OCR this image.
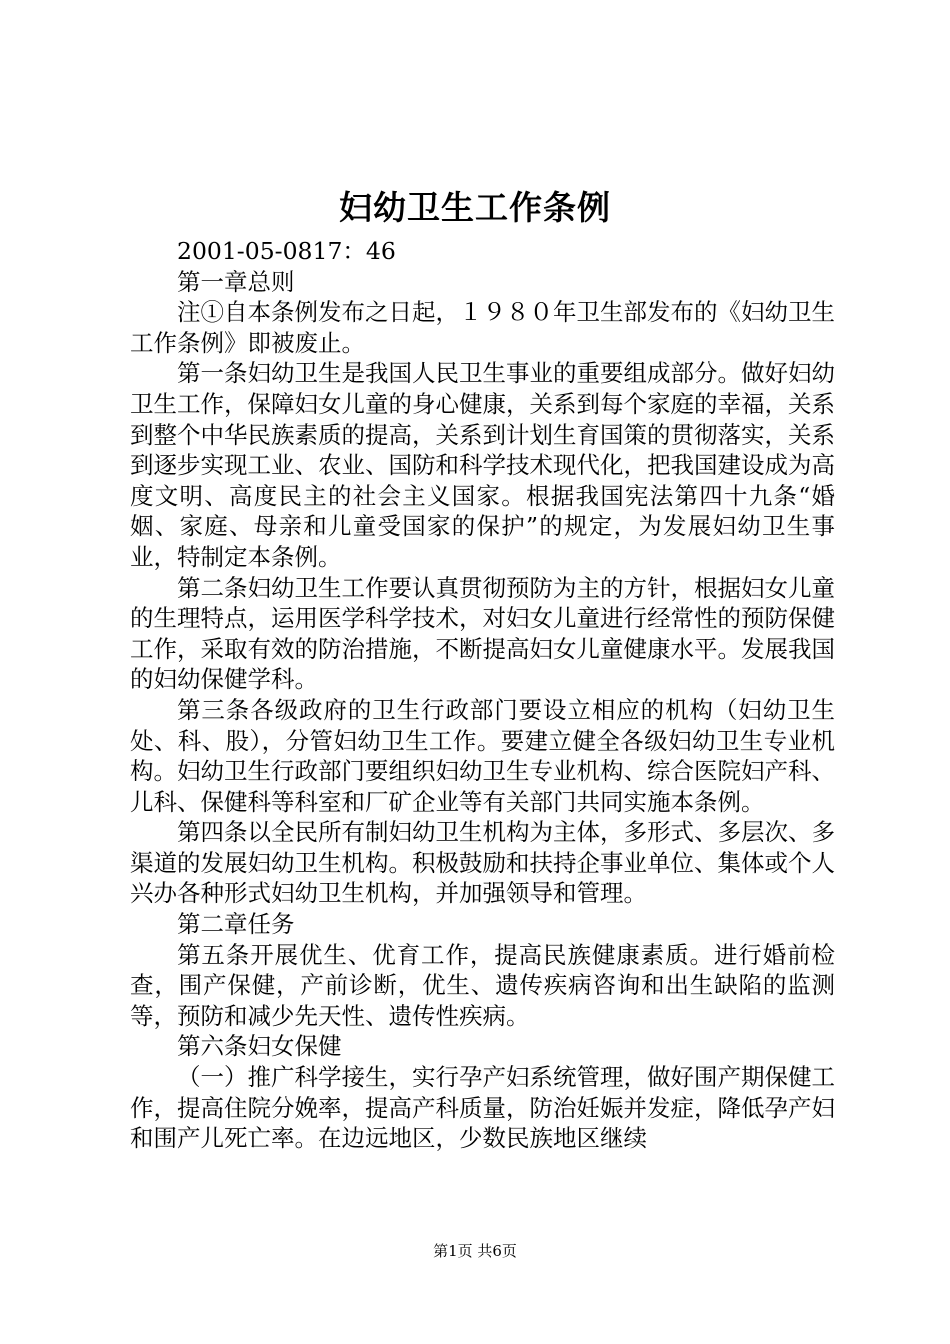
妇幼卫生工作条例

2001-05-0817：46

第一章总则

注①自本条例发布之日起，１９８０年卫生部发布的《妇幼卫生工作条例》即被废止。

第一条妇幼卫生是我国人民卫生事业的重要组成部分。做好妇幼卫生工作，保障妇女儿童的身心健康，关系到每个家庭的幸福，关系到整个中华民族素质的提高，关系到计划生育国策的贯彻落实，关系到逐步实现工业、农业、国防和科学技术现代化，把我国建设成为高度文明、高度民主的社会主义国家。根据我国宪法第四十九条“婚姻、家庭、母亲和儿童受国家的保护”的规定，为发展妇幼卫生事业，特制定本条例。

第二条妇幼卫生工作要认真贯彻预防为主的方针，根据妇女儿童的生理特点，运用医学科学技术，对妇女儿童进行经常性的预防保健工作，采取有效的防治措施，不断提高妇女儿童健康水平。发展我国的妇幼保健学科。

第三条各级政府的卫生行政部门要设立相应的机构（妇幼卫生处、科、股），分管妇幼卫生工作。要建立健全各级妇幼卫生专业机构。妇幼卫生行政部门要组织妇幼卫生专业机构、综合医院妇产科、儿科、保健科等科室和厂矿企业等有关部门共同实施本条例。

第四条以全民所有制妇幼卫生机构为主体，多形式、多层次、多渠道的发展妇幼卫生机构。积极鼓励和扶持企事业单位、集体或个人兴办各种形式妇幼卫生机构，并加强领导和管理。

第二章任务

第五条开展优生、优育工作，提高民族健康素质。进行婚前检查，围产保健，产前诊断，优生、遗传疾病咨询和出生缺陷的监测等，预防和减少先天性、遗传性疾病。

第六条妇女保健

（一）推广科学接生，实行孕产妇系统管理，做好围产期保健工作，提高住院分娩率，提高产科质量，防治妊娠并发症，降低孕产妇和围产儿死亡率。在边远地区，少数民族地区继续

第1页 共6页
